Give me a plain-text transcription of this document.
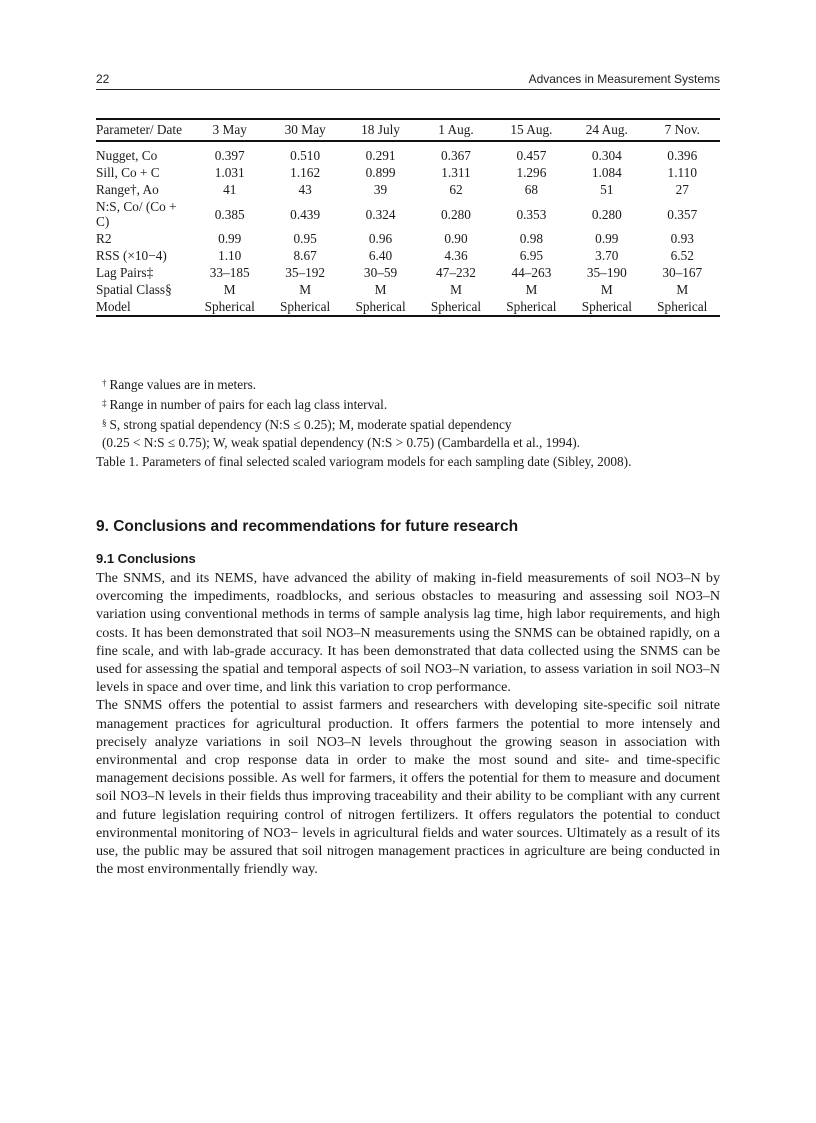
22	Advances in Measurement Systems
Parameter/ Date	3 May	30 May	18 July	1 Aug.	15 Aug.	24 Aug.	7 Nov.
Nugget, Co	0.397	0.510	0.291	0.367	0.457	0.304	0.396
Sill, Co + C	1.031	1.162	0.899	1.311	1.296	1.084	1.110
Range†, Ao	41	43	39	62	68	51	27
N:S, Co/ (Co + C)	0.385	0.439	0.324	0.280	0.353	0.280	0.357
R2	0.99	0.95	0.96	0.90	0.98	0.99	0.93
RSS (×10−4)	1.10	8.67	6.40	4.36	6.95	3.70	6.52
Lag Pairs‡	33–185	35–192	30–59	47–232	44–263	35–190	30–167
Spatial Class§	M	M	M	M	M	M	M
Model	Spherical	Spherical	Spherical	Spherical	Spherical	Spherical	Spherical
† Range values are in meters.
‡ Range in number of pairs for each lag class interval.
§ S, strong spatial dependency (N:S ≤ 0.25); M, moderate spatial dependency
(0.25 < N:S ≤ 0.75); W, weak spatial dependency (N:S > 0.75) (Cambardella et al., 1994).
Table 1. Parameters of final selected scaled variogram models for each sampling date (Sibley, 2008).
9. Conclusions and recommendations for future research
9.1 Conclusions

The SNMS, and its NEMS, have advanced the ability of making in-field measurements of soil NO3–N by overcoming the impediments, roadblocks, and serious obstacles to measuring and assessing soil NO3–N variation using conventional methods in terms of sample analysis lag time, high labor requirements, and high costs. It has been demonstrated that soil NO3–N measurements using the SNMS can be obtained rapidly, on a fine scale, and with lab-grade accuracy. It has been demonstrated that data collected using the SNMS can be used for assessing the spatial and temporal aspects of soil NO3–N variation, to assess variation in soil NO3–N levels in space and over time, and link this variation to crop performance.

The SNMS offers the potential to assist farmers and researchers with developing site-specific soil nitrate management practices for agricultural production. It offers farmers the potential to more intensely and precisely analyze variations in soil NO3–N levels throughout the growing season in association with environmental and crop response data in order to make the most sound and site- and time-specific management decisions possible. As well for farmers, it offers the potential for them to measure and document soil NO3–N levels in their fields thus improving traceability and their ability to be compliant with any current and future legislation requiring control of nitrogen fertilizers. It offers regulators the potential to conduct environmental monitoring of NO3− levels in agricultural fields and water sources. Ultimately as a result of its use, the public may be assured that soil nitrogen management practices in agriculture are being conducted in the most environmentally friendly way.
